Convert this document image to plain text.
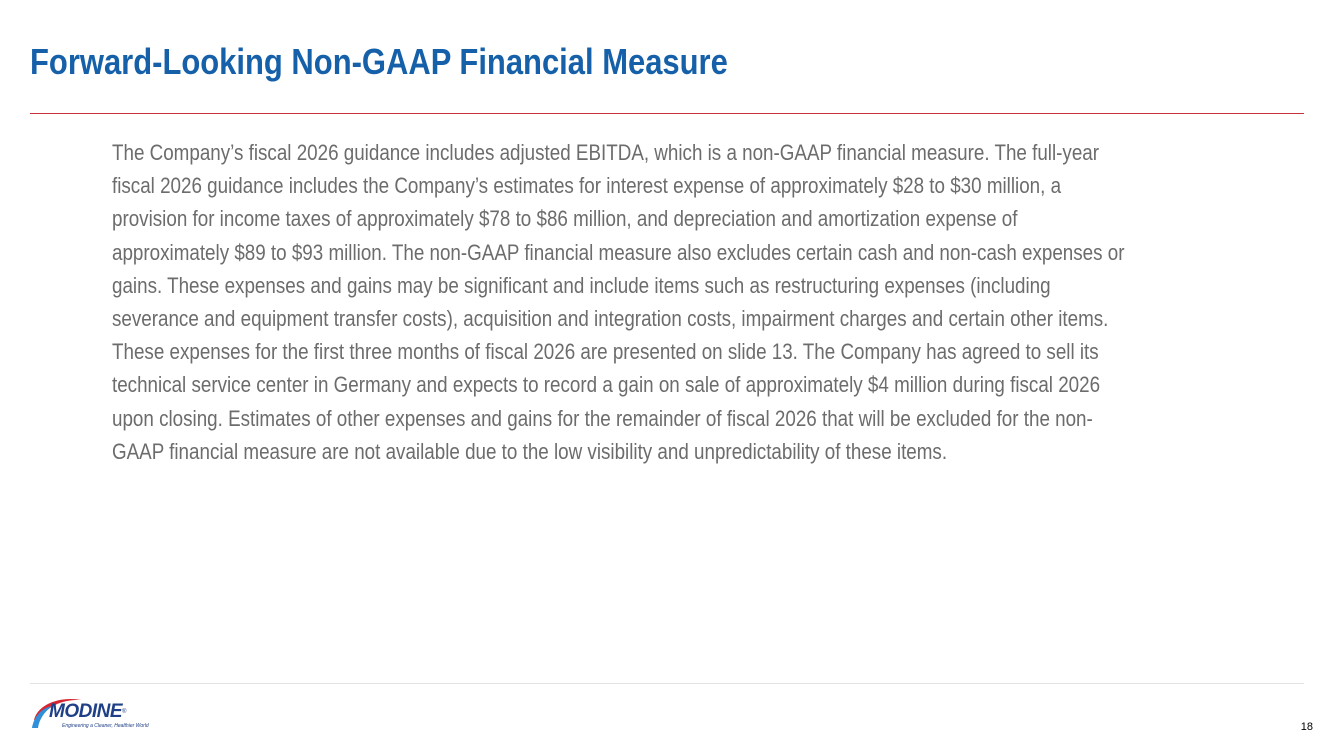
Forward-Looking Non-GAAP Financial Measure

The Company’s fiscal 2026 guidance includes adjusted EBITDA, which is a non-GAAP financial measure. The full-year fiscal 2026 guidance includes the Company’s estimates for interest expense of approximately $28 to $30 million, a provision for income taxes of approximately $78 to $86 million, and depreciation and amortization expense of approximately $89 to $93 million. The non-GAAP financial measure also excludes certain cash and non-cash expenses or gains. These expenses and gains may be significant and include items such as restructuring expenses (including severance and equipment transfer costs), acquisition and integration costs, impairment charges and certain other items. These expenses for the first three months of fiscal 2026 are presented on slide 13. The Company has agreed to sell its technical service center in Germany and expects to record a gain on sale of approximately $4 million during fiscal 2026 upon closing. Estimates of other expenses and gains for the remainder of fiscal 2026 that will be excluded for the non-GAAP financial measure are not available due to the low visibility and unpredictability of these items.

MODINE®
Engineering a Cleaner, Healthier World	18
